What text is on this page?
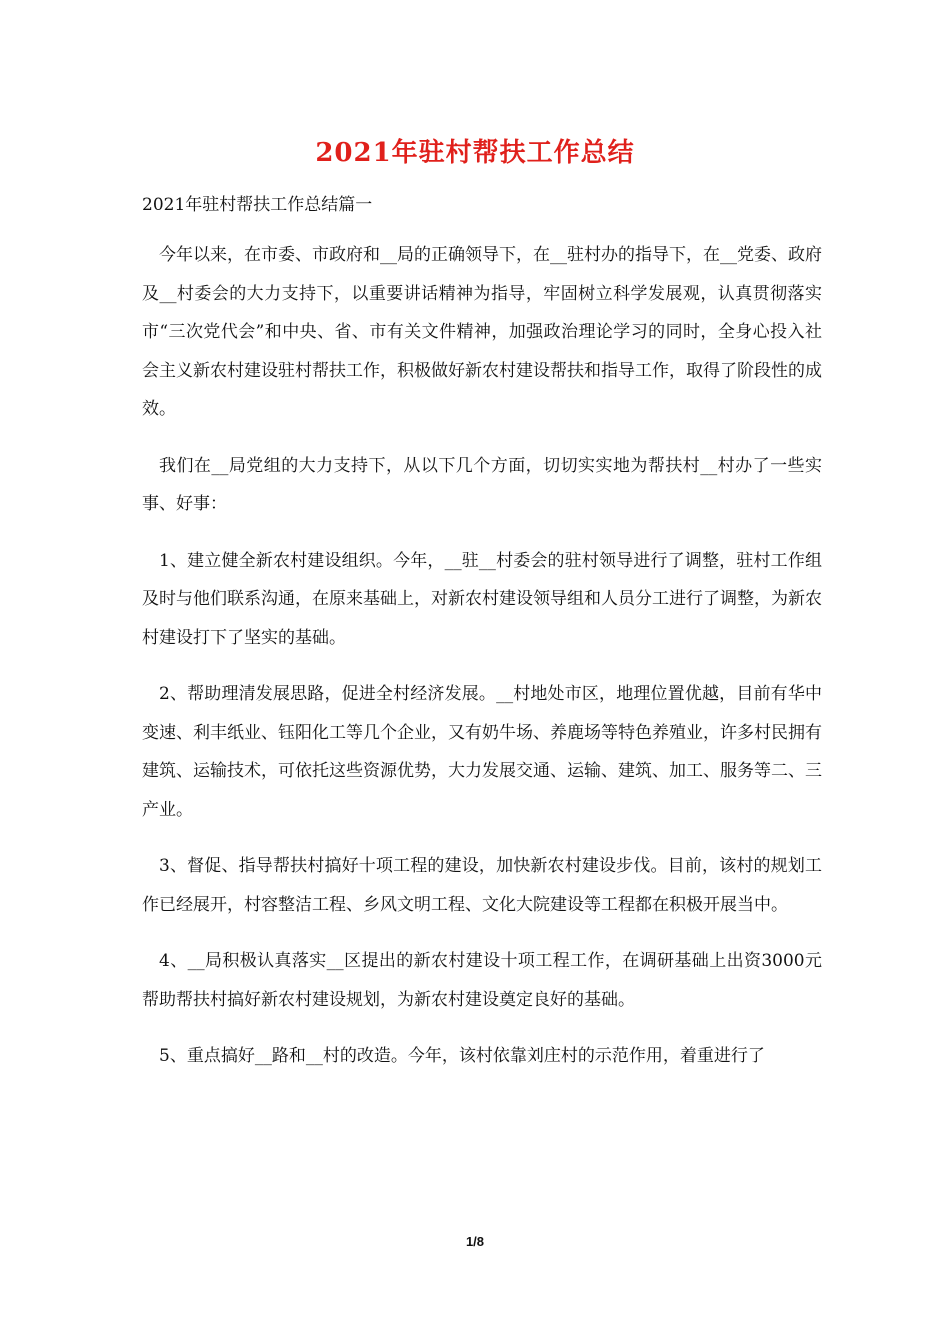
2021年驻村帮扶工作总结
2021年驻村帮扶工作总结篇一

今年以来，在市委、市政府和__局的正确领导下，在__驻村办的指导下，在__党委、政府及__村委会的大力支持下，以重要讲话精神为指导，牢固树立科学发展观，认真贯彻落实市“三次党代会”和中央、省、市有关文件精神，加强政治理论学习的同时，全身心投入社会主义新农村建设驻村帮扶工作，积极做好新农村建设帮扶和指导工作，取得了阶段性的成效。

我们在__局党组的大力支持下，从以下几个方面，切切实实地为帮扶村__村办了一些实事、好事：

1、建立健全新农村建设组织。今年，__驻__村委会的驻村领导进行了调整，驻村工作组及时与他们联系沟通，在原来基础上，对新农村建设领导组和人员分工进行了调整，为新农村建设打下了坚实的基础。

2、帮助理清发展思路，促进全村经济发展。__村地处市区，地理位置优越，目前有华中变速、利丰纸业、钰阳化工等几个企业，又有奶牛场、养鹿场等特色养殖业，许多村民拥有建筑、运输技术，可依托这些资源优势，大力发展交通、运输、建筑、加工、服务等二、三产业。

3、督促、指导帮扶村搞好十项工程的建设，加快新农村建设步伐。目前，该村的规划工作已经展开，村容整洁工程、乡风文明工程、文化大院建设等工程都在积极开展当中。

4、__局积极认真落实__区提出的新农村建设十项工程工作，在调研基础上出资3000元帮助帮扶村搞好新农村建设规划，为新农村建设奠定良好的基础。

5、重点搞好__路和__村的改造。今年，该村依靠刘庄村的示范作用，着重进行了

1/8
